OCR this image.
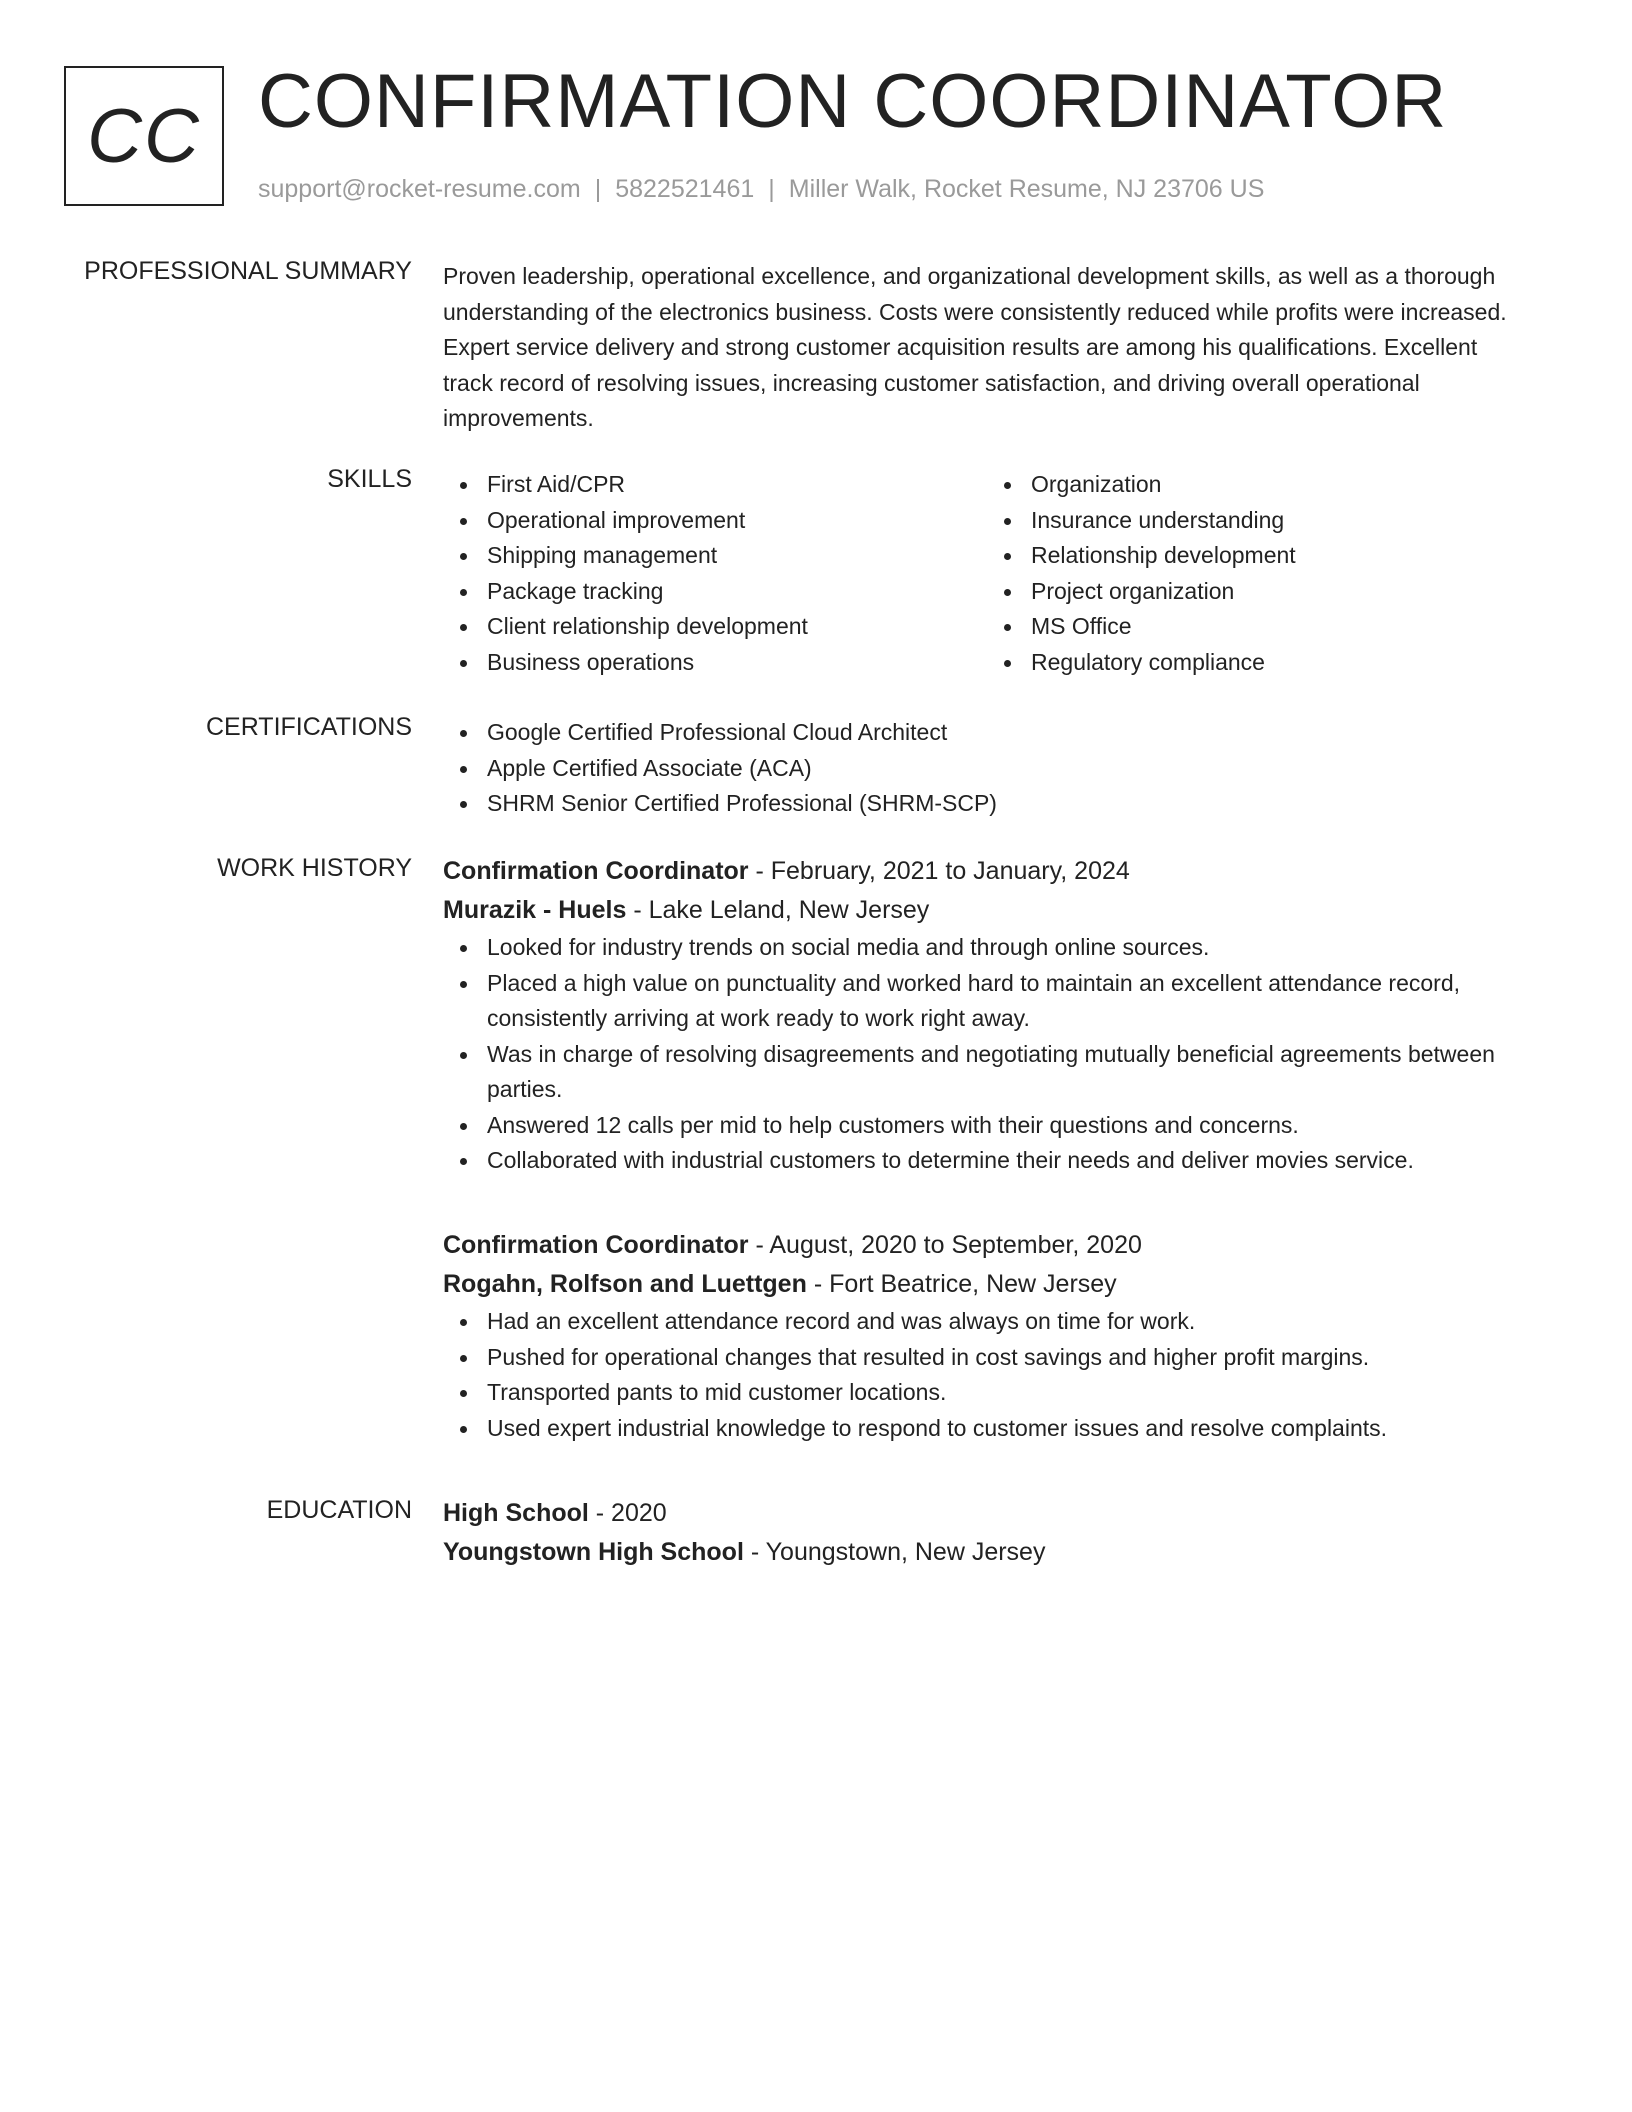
CC CONFIRMATION COORDINATOR
support@rocket-resume.com | 5822521461 | Miller Walk, Rocket Resume, NJ 23706 US
PROFESSIONAL SUMMARY Proven leadership, operational excellence, and organizational development skills, as well as a thorough understanding of the electronics business. Costs were consistently reduced while profits were increased. Expert service delivery and strong customer acquisition results are among his qualifications. Excellent track record of resolving issues, increasing customer satisfaction, and driving overall operational improvements.

SKILLS	First Aid/CPR
Operational improvement
Shipping management
Package tracking
Client relationship development
Business operations
Organization
Insurance understanding
Relationship development
Project organization
MS Office
Regulatory compliance
CERTIFICATIONS	Google Certified Professional Cloud Architect
Apple Certified Associate (ACA)
SHRM Senior Certified Professional (SHRM-SCP)
WORK HISTORY Confirmation Coordinator - February, 2021 to January, 2024
Murazik - Huels - Lake Leland, New Jersey
Looked for industry trends on social media and through online sources.
Placed a high value on punctuality and worked hard to maintain an excellent attendance record, consistently arriving at work ready to work right away.
Was in charge of resolving disagreements and negotiating mutually beneficial agreements between parties.
Answered 12 calls per mid to help customers with their questions and concerns.
Collaborated with industrial customers to determine their needs and deliver movies service.
Confirmation Coordinator - August, 2020 to September, 2020
Rogahn, Rolfson and Luettgen - Fort Beatrice, New Jersey
Had an excellent attendance record and was always on time for work.
Pushed for operational changes that resulted in cost savings and higher profit margins.
Transported pants to mid customer locations.
Used expert industrial knowledge to respond to customer issues and resolve complaints.
EDUCATION High School - 2020
Youngstown High School - Youngstown, New Jersey
